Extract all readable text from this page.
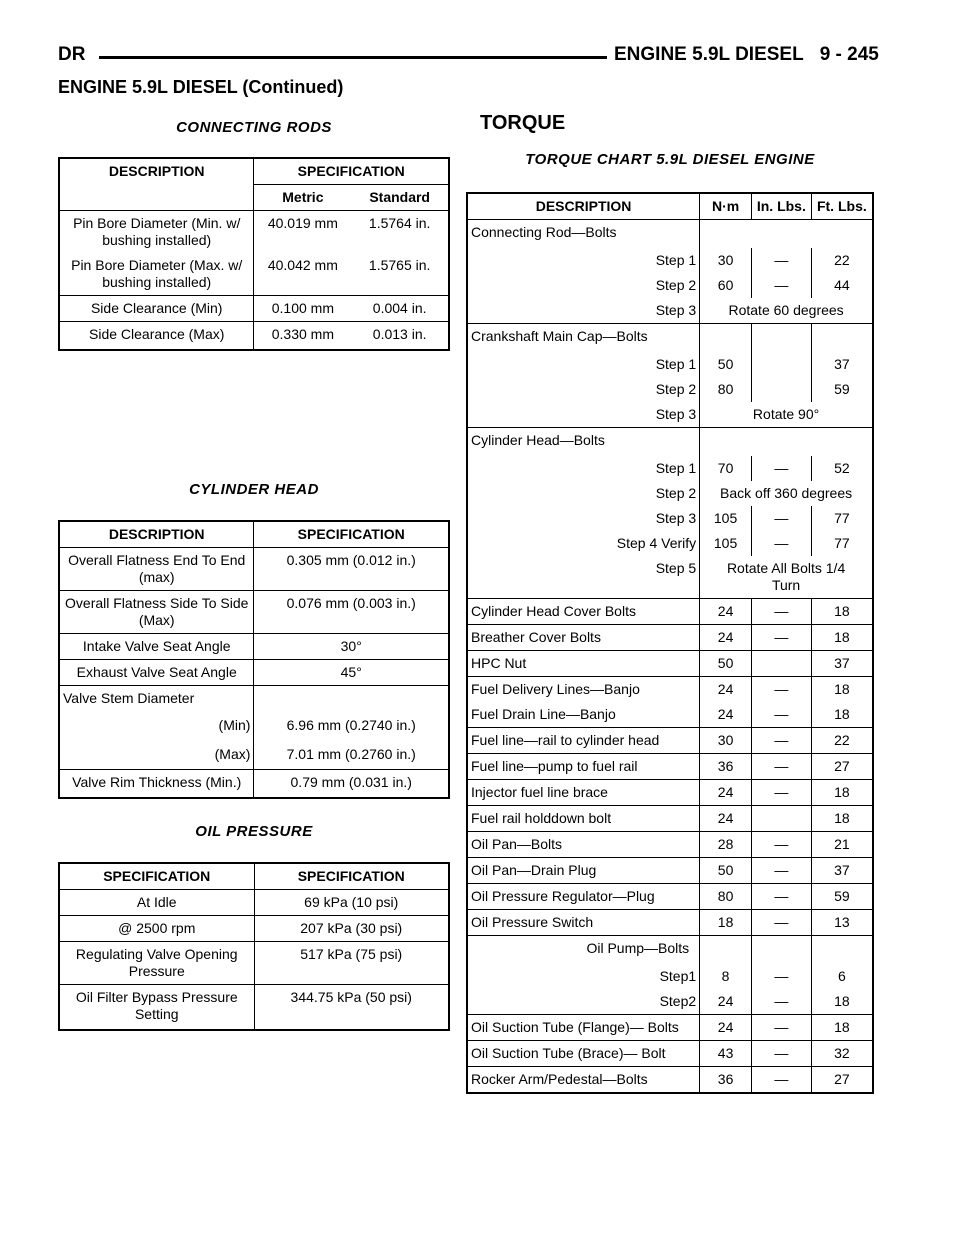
DR	ENGINE 5.9L DIESEL 9 - 245
ENGINE 5.9L DIESEL (Continued)
CONNECTING RODS
DESCRIPTION	SPECIFICATION	
	Metric	Standard
Pin Bore Diameter (Min. w/ bushing installed)	40.019 mm	1.5764 in.
Pin Bore Diameter (Max. w/ bushing installed)	40.042 mm	1.5765 in.
Side Clearance (Min)	0.100 mm	0.004 in.
Side Clearance (Max)	0.330 mm	0.013 in.
CYLINDER HEAD
DESCRIPTION	SPECIFICATION
Overall Flatness End To End (max)	0.305 mm (0.012 in.)
Overall Flatness Side To Side (Max)	0.076 mm (0.003 in.)
Intake Valve Seat Angle	30°
Exhaust Valve Seat Angle	45°
Valve Stem Diameter	
(Min)	6.96 mm (0.2740 in.)
(Max)	7.01 mm (0.2760 in.)
Valve Rim Thickness (Min.)	0.79 mm (0.031 in.)
OIL PRESSURE
SPECIFICATION	SPECIFICATION
At Idle	69 kPa (10 psi)
@ 2500 rpm	207 kPa (30 psi)
Regulating Valve Opening Pressure	517 kPa (75 psi)
Oil Filter Bypass Pressure Setting	344.75 kPa (50 psi)
TORQUE
TORQUE CHART 5.9L DIESEL ENGINE
DESCRIPTION	N·m	In. Lbs.	Ft. Lbs.
Connecting Rod—Bolts			
Step 1	30	—	22
Step 2	60	—	44
Step 3	Rotate 60 degrees		
Crankshaft Main Cap—Bolts			
Step 1	50		37
Step 2	80		59
Step 3	Rotate 90°		
Cylinder Head—Bolts			
Step 1	70	—	52
Step 2	Back off 360 degrees		
Step 3	105	—	77
Step 4 Verify	105	—	77
Step 5	Rotate All Bolts 1/4 Turn		
Cylinder Head Cover Bolts	24	—	18
Breather Cover Bolts	24	—	18
HPC Nut	50		37
Fuel Delivery Lines—Banjo	24	—	18
Fuel Drain Line—Banjo	24	—	18
Fuel line—rail to cylinder head	30	—	22
Fuel line—pump to fuel rail	36	—	27
Injector fuel line brace	24	—	18
Fuel rail holddown bolt	24		18
Oil Pan—Bolts	28	—	21
Oil Pan—Drain Plug	50	—	37
Oil Pressure Regulator—Plug	80	—	59
Oil Pressure Switch	18	—	13
Oil Pump—Bolts			
Step1	8	—	6
Step2	24	—	18
Oil Suction Tube (Flange)— Bolts	24	—	18
Oil Suction Tube (Brace)— Bolt	43	—	32
Rocker Arm/Pedestal—Bolts	36	—	27
